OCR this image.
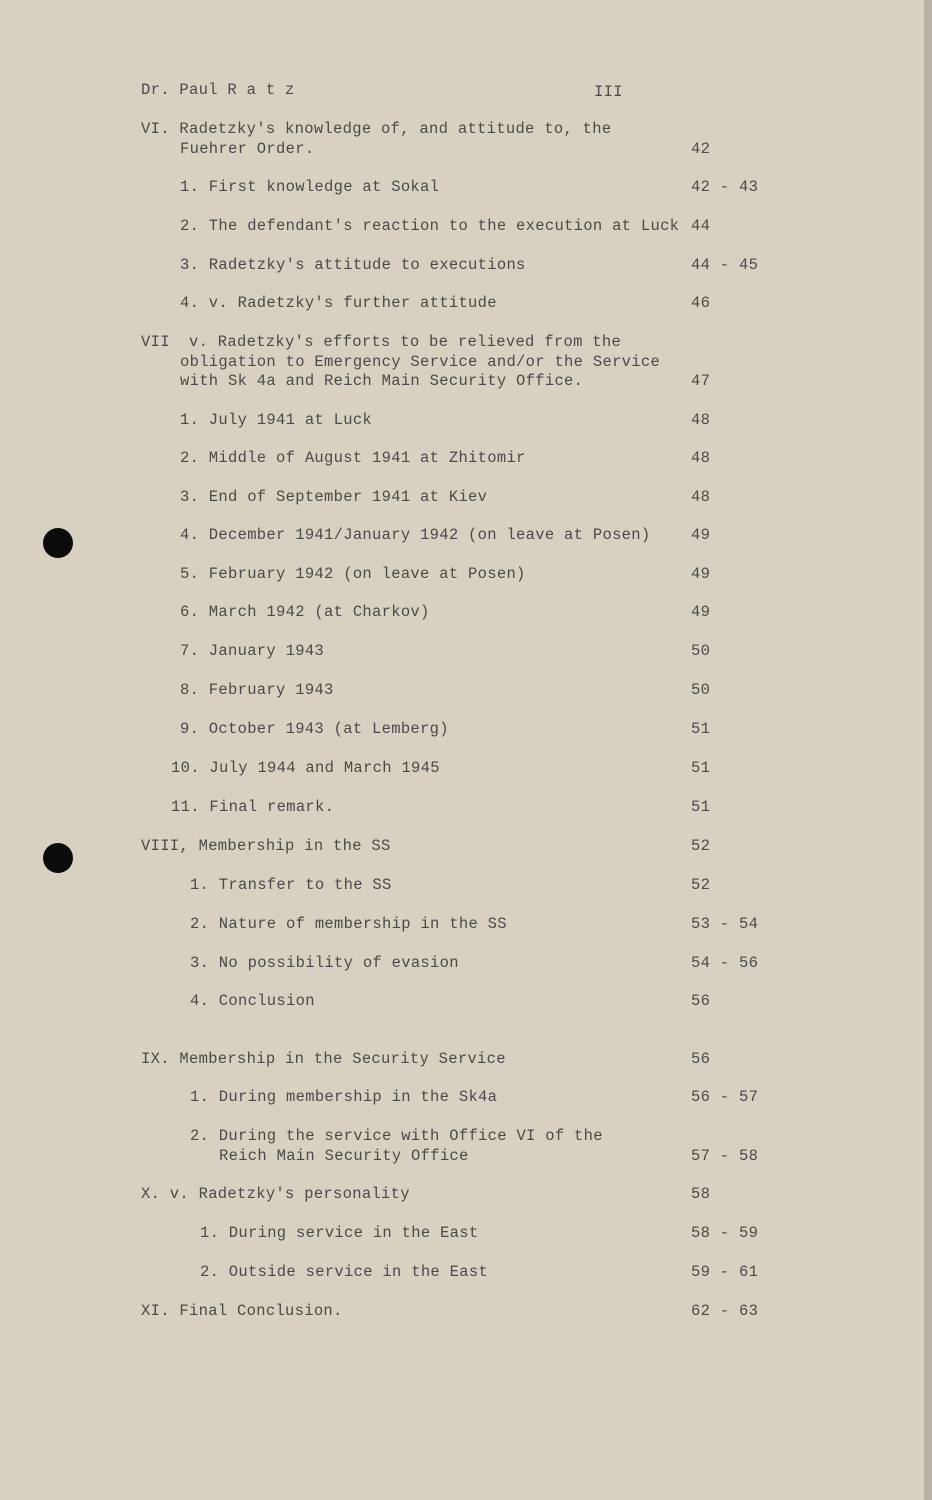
Dr. Paul R a t z	III
VI. Radetzky's knowledge of, and attitude to, the
Fuehrer Order.	42
1. First knowledge at Sokal	42 - 43
2. The defendant's reaction to the execution at Luck 44
3. Radetzky's attitude to executions	44 - 45
4. v. Radetzky's further attitude	46
VII  v. Radetzky's efforts to be relieved from the
obligation to Emergency Service and/or the Service
with Sk 4a and Reich Main Security Office.	47
1. July 1941 at Luck	48
2. Middle of August 1941 at Zhitomir	48
3. End of September 1941 at Kiev	48
4. December 1941/January 1942 (on leave at Posen)	49
5. February 1942 (on leave at Posen)	49
6. March 1942 (at Charkov)	49
7. January 1943	50
8. February 1943	50
9. October 1943 (at Lemberg)	51
10. July 1944 and March 1945	51
11. Final remark.	51
VIII, Membership in the SS	52
1. Transfer to the SS	52
2. Nature of membership in the SS	53 - 54
3. No possibility of evasion	54 - 56
4. Conclusion	56
IX. Membership in the Security Service	56
1. During membership in the Sk4a	56 - 57
2. During the service with Office VI of the
Reich Main Security Office	57 - 58
X. v. Radetzky's personality	58
1. During service in the East	58 - 59
2. Outside service in the East	59 - 61
XI. Final Conclusion.	62 - 63
